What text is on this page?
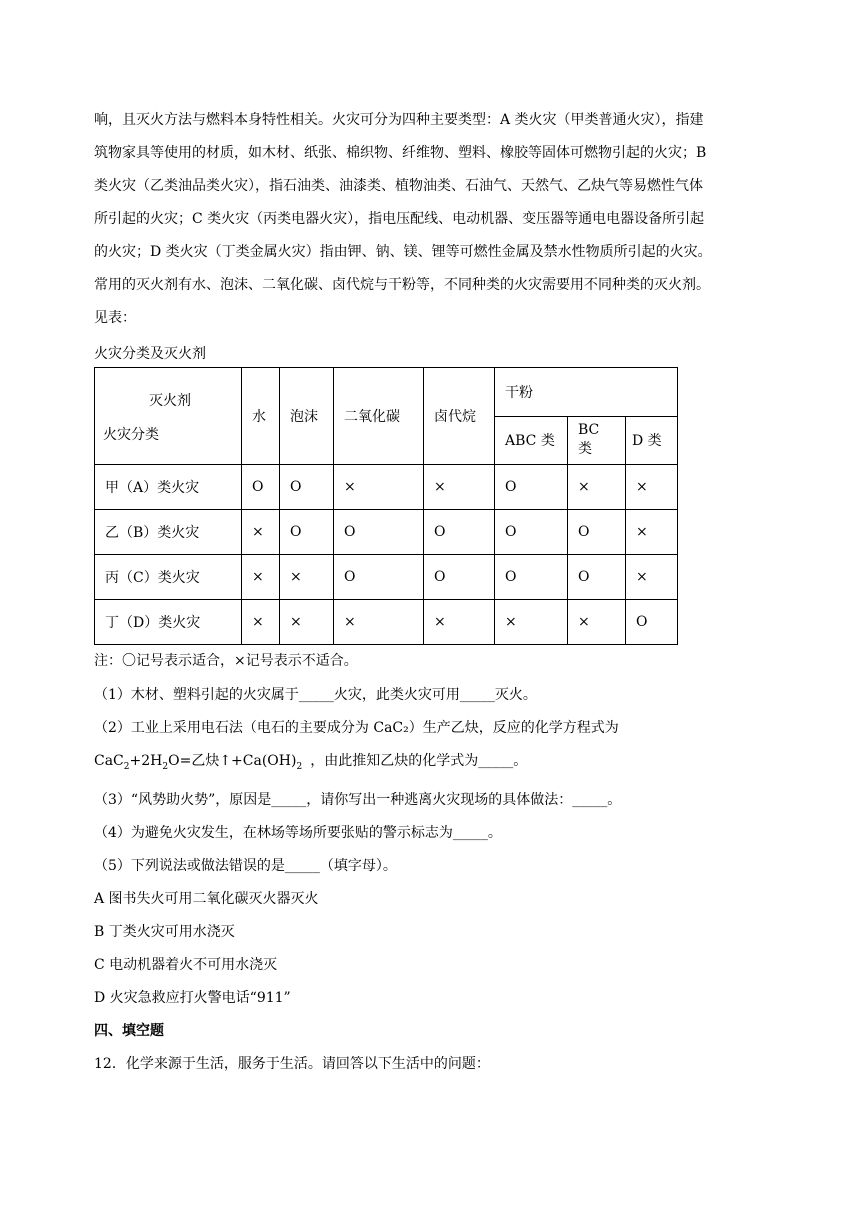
响，且灭火方法与燃料本身特性相关。火灾可分为四种主要类型：A 类火灾（甲类普通火灾），指建

筑物家具等使用的材质，如木材、纸张、棉织物、纤维物、塑料、橡胶等固体可燃物引起的火灾；B

类火灾（乙类油品类火灾），指石油类、油漆类、植物油类、石油气、天然气、乙炔气等易燃性气体

所引起的火灾；C 类火灾（丙类电器火灾），指电压配线、电动机器、变压器等通电电器设备所引起

的火灾；D 类火灾（丁类金属火灾）指由钾、钠、镁、锂等可燃性金属及禁水性物质所引起的火灾。

常用的灭火剂有水、泡沫、二氧化碳、卤代烷与干粉等，不同种类的火灾需要用不同种类的灭火剂。

见表：

火灾分类及灭火剂
灭火剂
火灾分类	水	泡沫	二氧化碳	卤代烷	干粉		
					ABC 类	BC 类	D 类
甲（A）类火灾	O	O	×	×	O	×	×
乙（B）类火灾	×	O	O	O	O	O	×
丙（C）类火灾	×	×	O	O	O	O	×
丁（D）类火灾	×	×	×	×	×	×	O
注：〇记号表示适合，×记号表示不适合。

（1）木材、塑料引起的火灾属于_____火灾，此类火灾可用_____灭火。

（2）工业上采用电石法（电石的主要成分为 CaC₂）生产乙炔，反应的化学方程式为

$CaC_2+2H_2O=$乙炔$↑+Ca(OH)_2$ ，由此推知乙炔的化学式为_____。

（3）“风势助火势”，原因是_____，请你写出一种逃离火灾现场的具体做法：_____。

（4）为避免火灾发生，在林场等场所要张贴的警示标志为_____。

（5）下列说法或做法错误的是_____（填字母）。

A 图书失火可用二氧化碳灭火器灭火

B 丁类火灾可用水浇灭

C 电动机器着火不可用水浇灭

D 火灾急救应打火警电话“911”

四、填空题

12．化学来源于生活，服务于生活。请回答以下生活中的问题：
